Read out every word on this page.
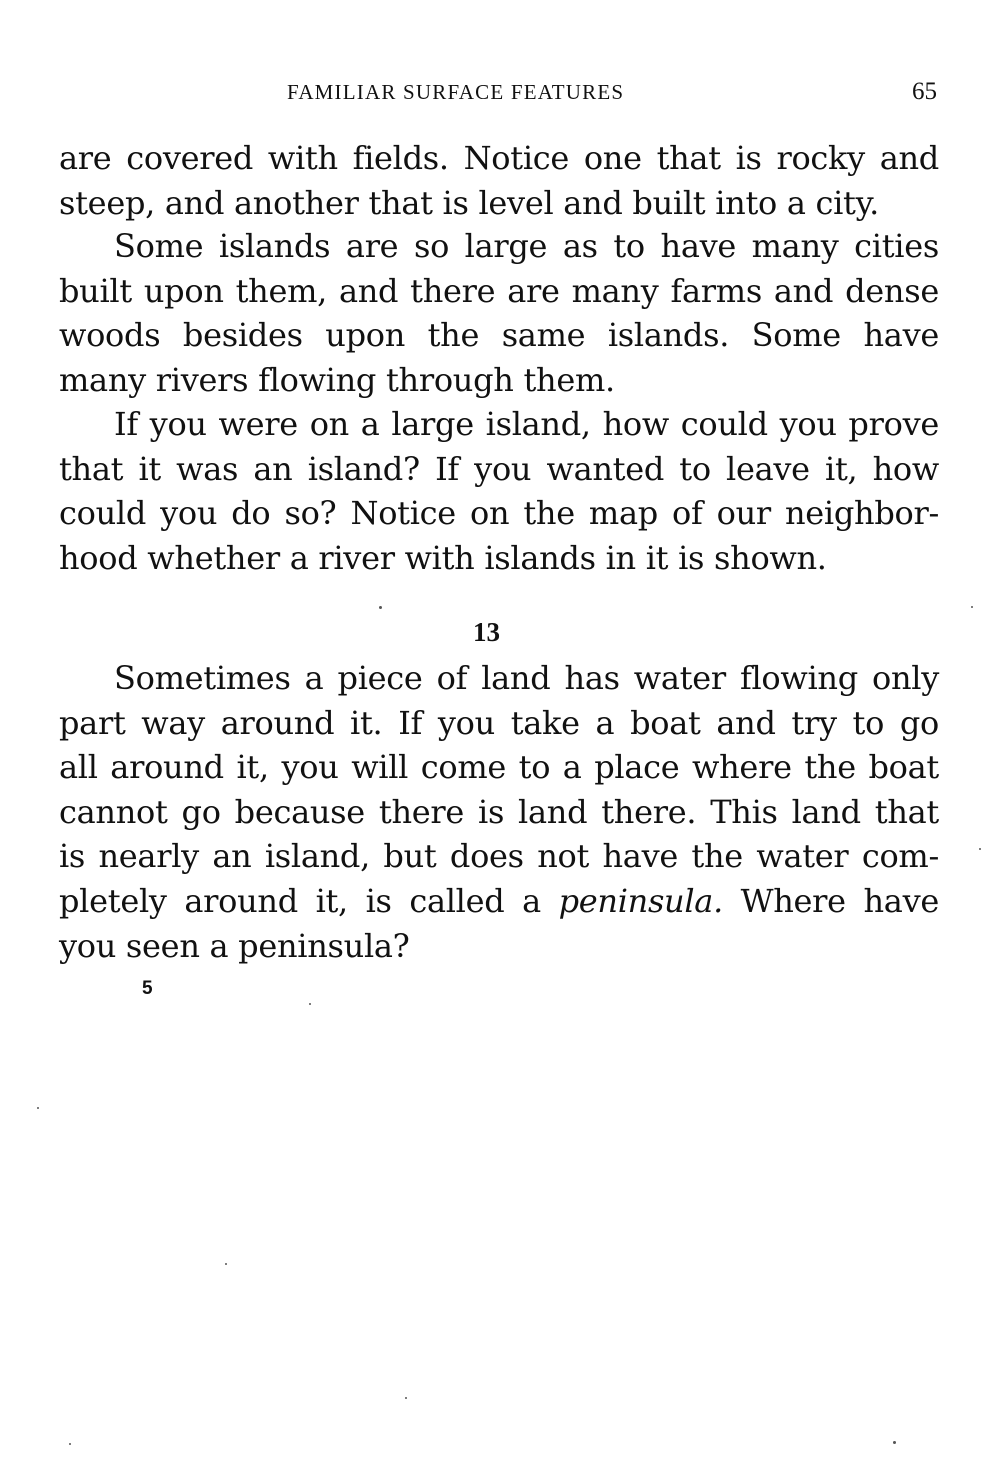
FAMILIAR SURFACE FEATURES	65
are covered with fields. Notice one that is rocky and
steep, and another that is level and built into a city.
Some islands are so large as to have many cities
built upon them, and there are many farms and dense
woods besides upon the same islands. Some have
many rivers flowing through them.
If you were on a large island, how could you prove
that it was an island? If you wanted to leave it, how
could you do so? Notice on the map of our neighbor-
hood whether a river with islands in it is shown.
13
Sometimes a piece of land has water flowing only
part way around it. If you take a boat and try to go
all around it, you will come to a place where the boat
cannot go because there is land there. This land that
is nearly an island, but does not have the water com-
pletely around it, is called a peninsula. Where have
you seen a peninsula?
5
